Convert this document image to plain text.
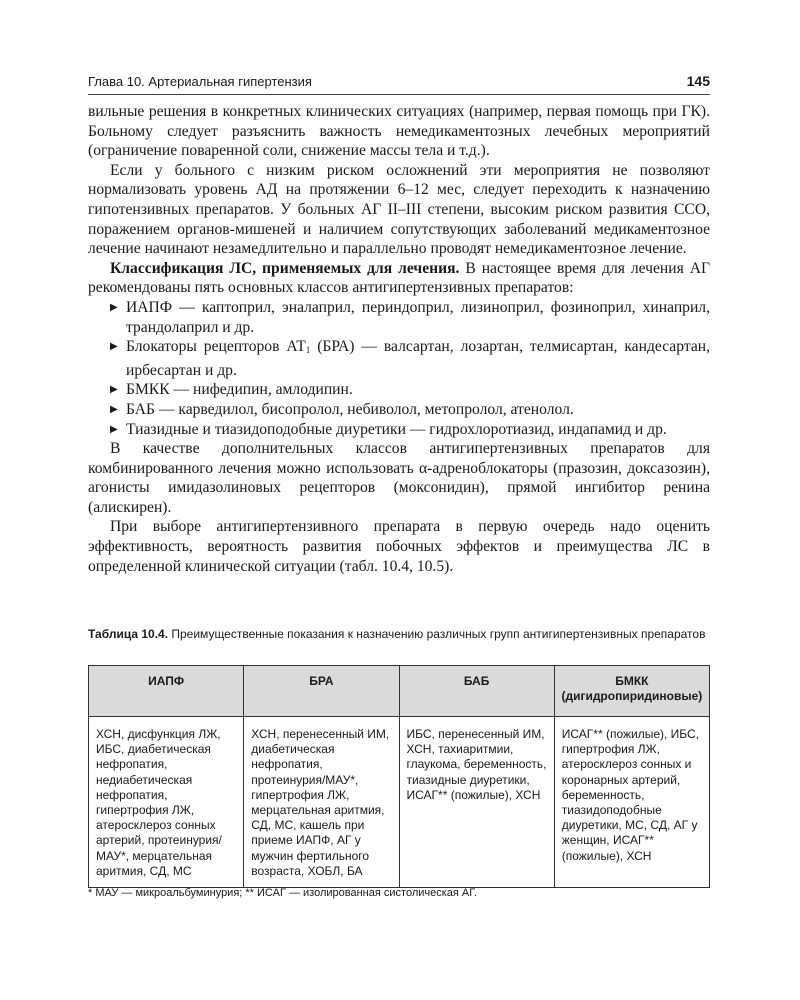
Глава 10. Артериальная гипертензия	145

вильные решения в конкретных клинических ситуациях (например, первая помощь при ГК). Больному следует разъяснить важность немедикаментозных лечебных мероприятий (ограничение поваренной соли, снижение массы тела и т.д.).

Если у больного с низким риском осложнений эти мероприятия не позволяют нормализовать уровень АД на протяжении 6–12 мес, следует переходить к назначению гипотензивных препаратов. У больных АГ II–III степени, высоким риском развития ССО, поражением органов-мишеней и наличием сопутствующих заболеваний медикаментозное лечение начинают незамедлительно и параллельно проводят немедикаментозное лечение.

Классификация ЛС, применяемых для лечения. В настоящее время для лечения АГ рекомендованы пять основных классов антигипертензивных препаратов:

▶ ИАПФ — каптоприл, эналаприл, периндоприл, лизиноприл, фозиноприл, хинаприл, трандолаприл и др.
▶ Блокаторы рецепторов $АТ_1$ (БРА) — валсартан, лозартан, телмисартан, кандесартан, ирбесартан и др.
▶ БМКК — нифедипин, амлодипин.
▶ БАБ — карведилол, бисопролол, небиволол, метопролол, атенолол.
▶ Тиазидные и тиазидоподобные диуретики — гидрохлоротиазид, индапамид и др.

В качестве дополнительных классов антигипертензивных препаратов для комбинированного лечения можно использовать α-адреноблокаторы (празозин, доксазозин), агонисты имидазолиновых рецепторов (моксонидин), прямой ингибитор ренина (алискирен).

При выборе антигипертензивного препарата в первую очередь надо оценить эффективность, вероятность развития побочных эффектов и преимущества ЛС в определенной клинической ситуации (табл. 10.4, 10.5).

Таблица 10.4. Преимущественные показания к назначению различных групп антигипертензивных препаратов
ИАПФ	БРА	БАБ	БМКК
(дигидропиридиновые)

ХСН, дисфункция ЛЖ, ИБС, диабетическая нефропатия, недиабетическая нефропатия, гипертрофия ЛЖ, атеросклероз сонных артерий, протеинурия/МАУ*, мерцательная аритмия, СД, МС	ХСН, перенесенный ИМ, диабетическая нефропатия, протеинурия/МАУ*, гипертрофия ЛЖ, мерцательная аритмия, СД, МС, кашель при приеме ИАПФ, АГ у мужчин фертильного возраста, ХОБЛ, БА	ИБС, перенесенный ИМ, ХСН, тахиаритмии, глаукома, беременность, тиазидные диуретики, ИСАГ** (пожилые), ХСН	ИСАГ** (пожилые), ИБС, гипертрофия ЛЖ, атеросклероз сонных и коронарных артерий, беременность, тиазидоподобные диуретики, МС, СД, АГ у женщин, ИСАГ** (пожилые), ХСН
* МАУ — микроальбуминурия; ** ИСАГ — изолированная систолическая АГ.
